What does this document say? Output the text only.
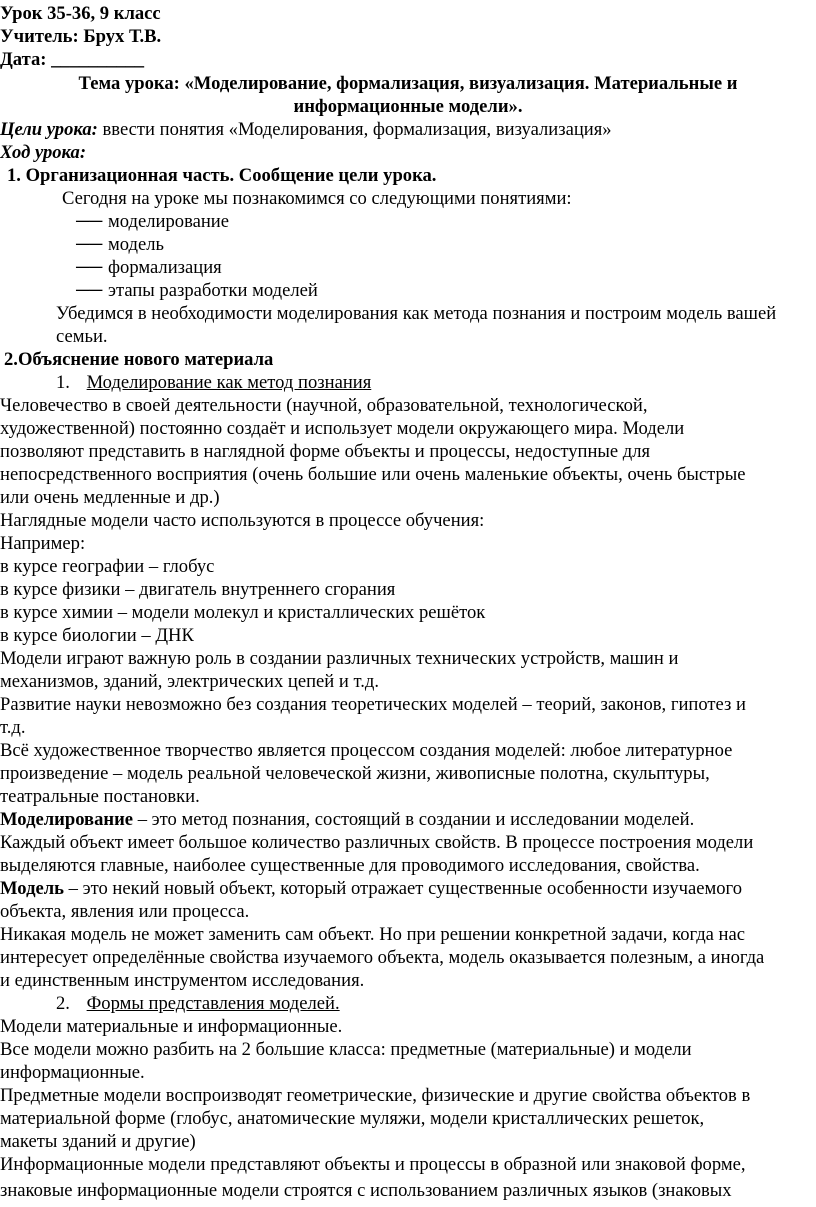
Урок 35-36, 9 класс
Учитель: Брух Т.В.
Дата: __________
Тема урока: «Моделирование, формализация, визуализация. Материальные и
информационные модели».
Цели урока: ввести понятия «Моделирования, формализация, визуализация»
Ход урока:
1. Организационная часть. Сообщение цели урока.
Сегодня на уроке мы познакомимся со следующими понятиями:
── моделирование
── модель
── формализация
── этапы разработки моделей
Убедимся в необходимости моделирования как метода познания и построим модель вашей
семьи.
2.Объяснение нового материала
1. Моделирование как метод познания
Человечество в своей деятельности (научной, образовательной, технологической,
художественной) постоянно создаёт и использует модели окружающего мира. Модели
позволяют представить в наглядной форме объекты и процессы, недоступные для
непосредственного восприятия (очень большие или очень маленькие объекты, очень быстрые
или очень медленные и др.)
Наглядные модели часто используются в процессе обучения:
Например:
в курсе географии – глобус
в курсе физики – двигатель внутреннего сгорания
в курсе химии – модели молекул и кристаллических решёток
в курсе биологии – ДНК
Модели играют важную роль в создании различных технических устройств, машин и
механизмов, зданий, электрических цепей и т.д.
Развитие науки невозможно без создания теоретических моделей – теорий, законов, гипотез и
т.д.
Всё художественное творчество является процессом создания моделей: любое литературное
произведение – модель реальной человеческой жизни, живописные полотна, скульптуры,
театральные постановки.
Моделирование – это метод познания, состоящий в создании и исследовании моделей.
Каждый объект имеет большое количество различных свойств. В процессе построения модели
выделяются главные, наиболее существенные для проводимого исследования, свойства.
Модель – это некий новый объект, который отражает существенные особенности изучаемого
объекта, явления или процесса.
Никакая модель не может заменить сам объект. Но при решении конкретной задачи, когда нас
интересует определённые свойства изучаемого объекта, модель оказывается полезным, а иногда
и единственным инструментом исследования.
2. Формы представления моделей.
Модели материальные и информационные.
Все модели можно разбить на 2 большие класса: предметные (материальные) и модели
информационные.
Предметные модели воспроизводят геометрические, физические и другие свойства объектов в
материальной форме (глобус, анатомические муляжи, модели кристаллических решеток,
макеты зданий и другие)
Информационные модели представляют объекты и процессы в образной или знаковой форме,
знаковые информационные модели строятся с использованием различных языков (знаковых
